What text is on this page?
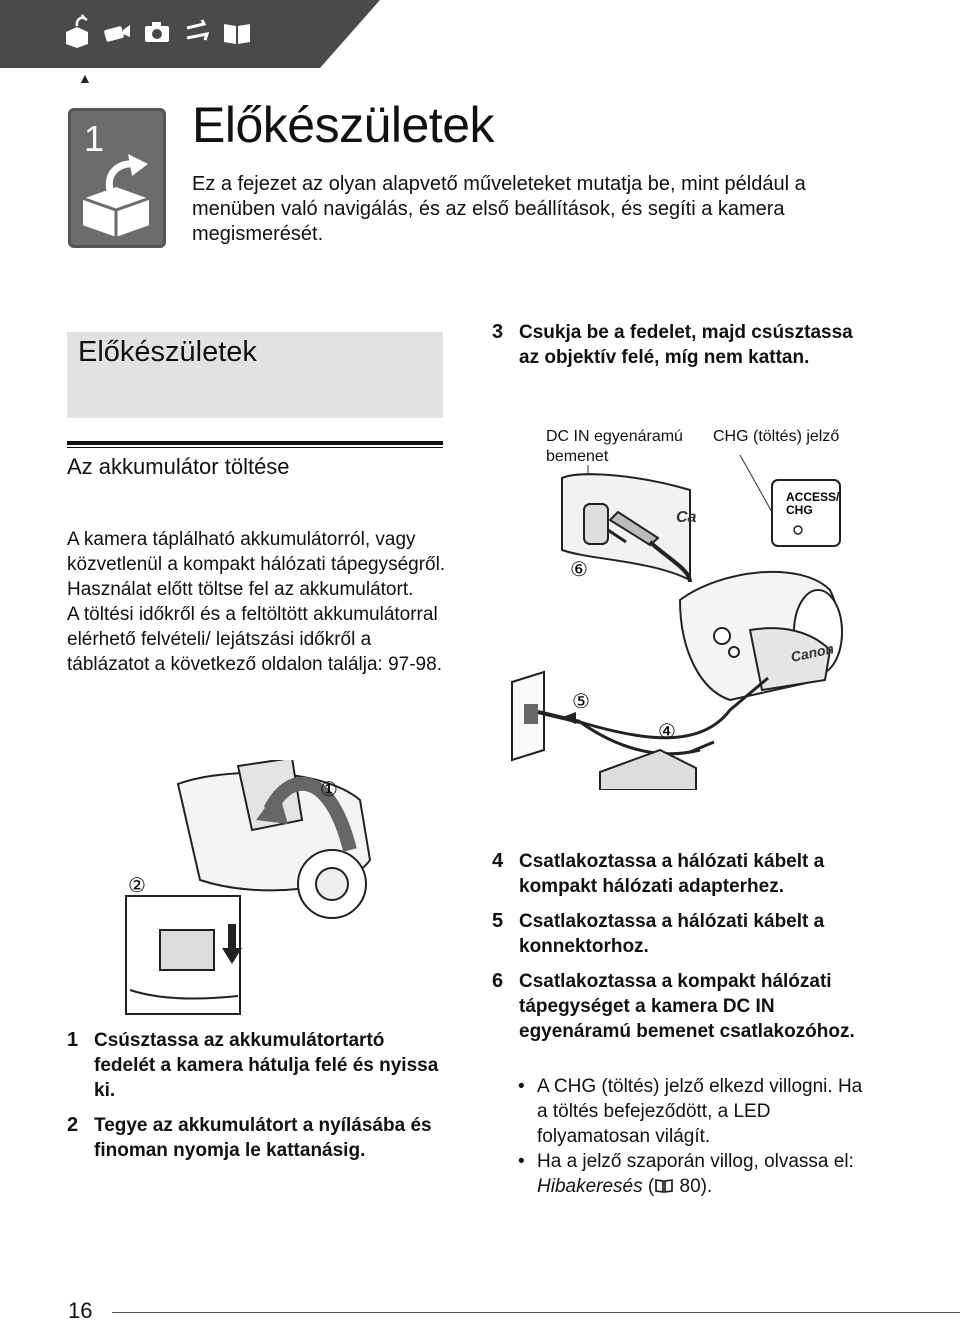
▲
1 Előkészületek
Ez a fejezet az olyan alapvető műveleteket mutatja be, mint például a menüben való navigálás, és az első beállítások, és segíti a kamera megismerését.
Előkészületek
Az akkumulátor töltése
A kamera táplálható akkumulátorról, vagy közvetlenül a kompakt hálózati tápegységről. Használat előtt töltse fel az akkumulátort.
A töltési időkről és a feltöltött akkumulátorral elérhető felvételi/ lejátszási időkről a táblázatot a következő oldalon találja: 97-98.
3 Csukja be a fedelet, majd csúsztassa az objektív felé, míg nem kattan.
DC IN egyenáramú bemenet
CHG (töltés) jelző
Ca
ACCESS/
CHG
Canon
⑥
⑤
④
①
②
1 Csúsztassa az akkumulátortartó fedelét a kamera hátulja felé és nyissa ki.
2 Tegye az akkumulátort a nyílásába és finoman nyomja le kattanásig.
4 Csatlakoztassa a hálózati kábelt a kompakt hálózati adapterhez.
5 Csatlakoztassa a hálózati kábelt a konnektorhoz.
6 Csatlakoztassa a kompakt hálózati tápegységet a kamera DC IN egyenáramú bemenet csatlakozóhoz.
• A CHG (töltés) jelző elkezd villogni. Ha a töltés befejeződött, a LED folyamatosan világít.
• Ha a jelző szaporán villog, olvassa el: Hibakeresés ( 80).
16
